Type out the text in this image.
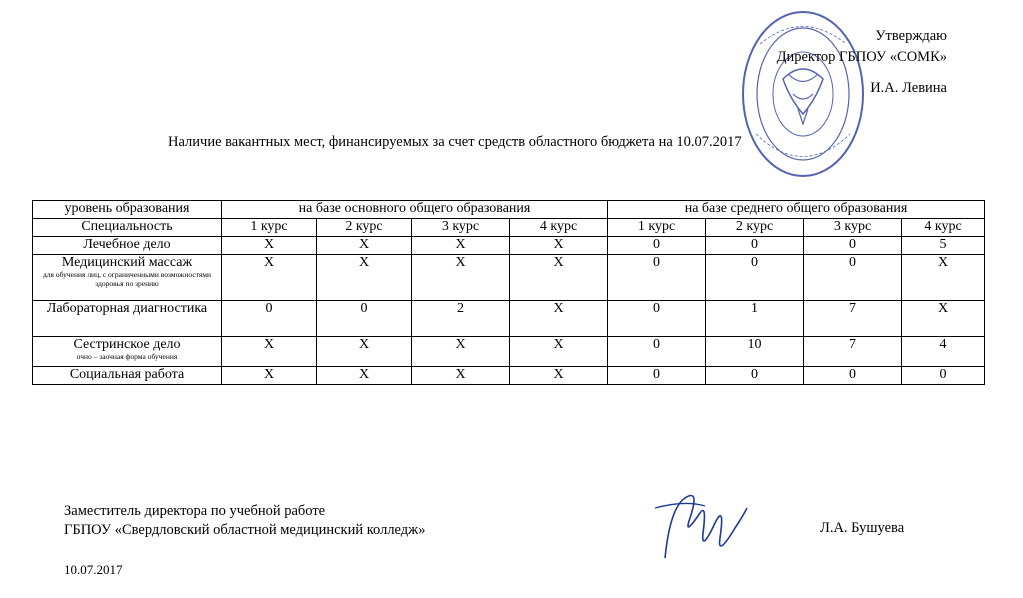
Утверждаю
Директор ГБПОУ «СОМК»
И.А. Левина
Наличие вакантных мест, финансируемых за счет средств областного бюджета на 10.07.2017
уровень образования	на базе основного общего образования				на базе среднего общего образования			
Специальность	1 курс	2 курс	3 курс	4 курс	1 курс	2 курс	3 курс	4 курс
Лечебное дело	Х	Х	Х	Х	0	0	0	5
Медицинский массаж
для обучения лиц, с ограниченными возможностями здоровья по зрению	Х	Х	Х	Х	0	0	0	Х
Лабораторная диагностика	0	0	2	Х	0	1	7	Х
Сестринское дело
очно – заочная форма обучения	Х	Х	Х	Х	0	10	7	4
Социальная работа	Х	Х	Х	Х	0	0	0	0
Заместитель директора по учебной работе
ГБПОУ «Свердловский областной медицинский колледж»	Л.А. Бушуева
10.07.2017
